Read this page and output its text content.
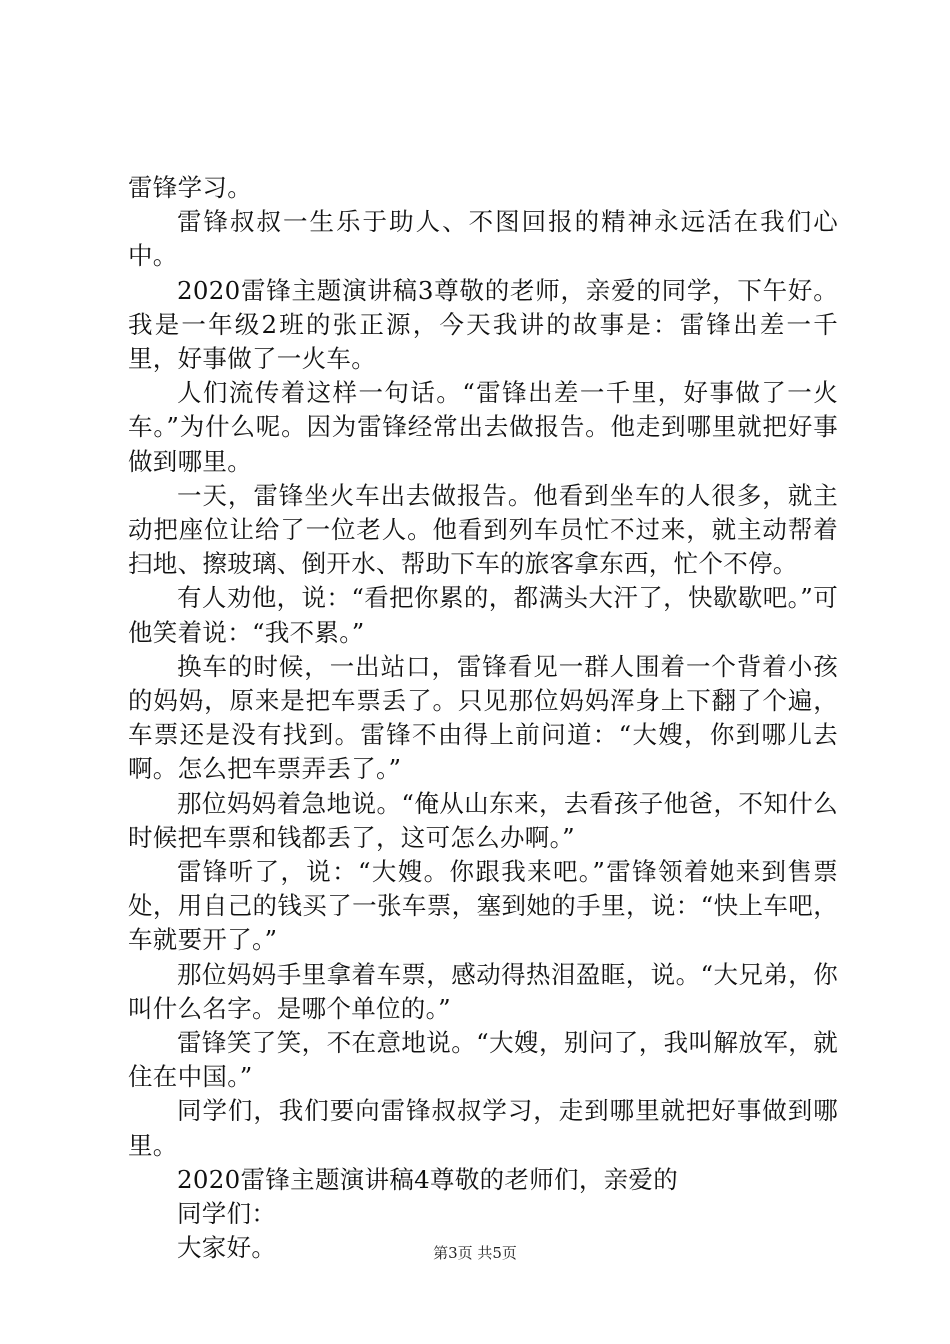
雷锋学习。

雷锋叔叔一生乐于助人、不图回报的精神永远活在我们心中。

2020雷锋主题演讲稿3尊敬的老师，亲爱的同学，下午好。我是一年级2班的张正源，今天我讲的故事是：雷锋出差一千里，好事做了一火车。

人们流传着这样一句话。“雷锋出差一千里，好事做了一火车。”为什么呢。因为雷锋经常出去做报告。他走到哪里就把好事做到哪里。

一天，雷锋坐火车出去做报告。他看到坐车的人很多，就主动把座位让给了一位老人。他看到列车员忙不过来，就主动帮着扫地、擦玻璃、倒开水、帮助下车的旅客拿东西，忙个不停。

有人劝他，说：“看把你累的，都满头大汗了，快歇歇吧。”可他笑着说：“我不累。”

换车的时候，一出站口，雷锋看见一群人围着一个背着小孩的妈妈，原来是把车票丢了。只见那位妈妈浑身上下翻了个遍，车票还是没有找到。雷锋不由得上前问道：“大嫂，你到哪儿去啊。怎么把车票弄丢了。”

那位妈妈着急地说。“俺从山东来，去看孩子他爸，不知什么时候把车票和钱都丢了，这可怎么办啊。”

雷锋听了，说：“大嫂。你跟我来吧。”雷锋领着她来到售票处，用自己的钱买了一张车票，塞到她的手里，说：“快上车吧，车就要开了。”

那位妈妈手里拿着车票，感动得热泪盈眶，说。“大兄弟，你叫什么名字。是哪个单位的。”

雷锋笑了笑，不在意地说。“大嫂，别问了，我叫解放军，就住在中国。”

同学们，我们要向雷锋叔叔学习，走到哪里就把好事做到哪里。

2020雷锋主题演讲稿4尊敬的老师们，亲爱的

同学们：

大家好。	第3页 共5页
